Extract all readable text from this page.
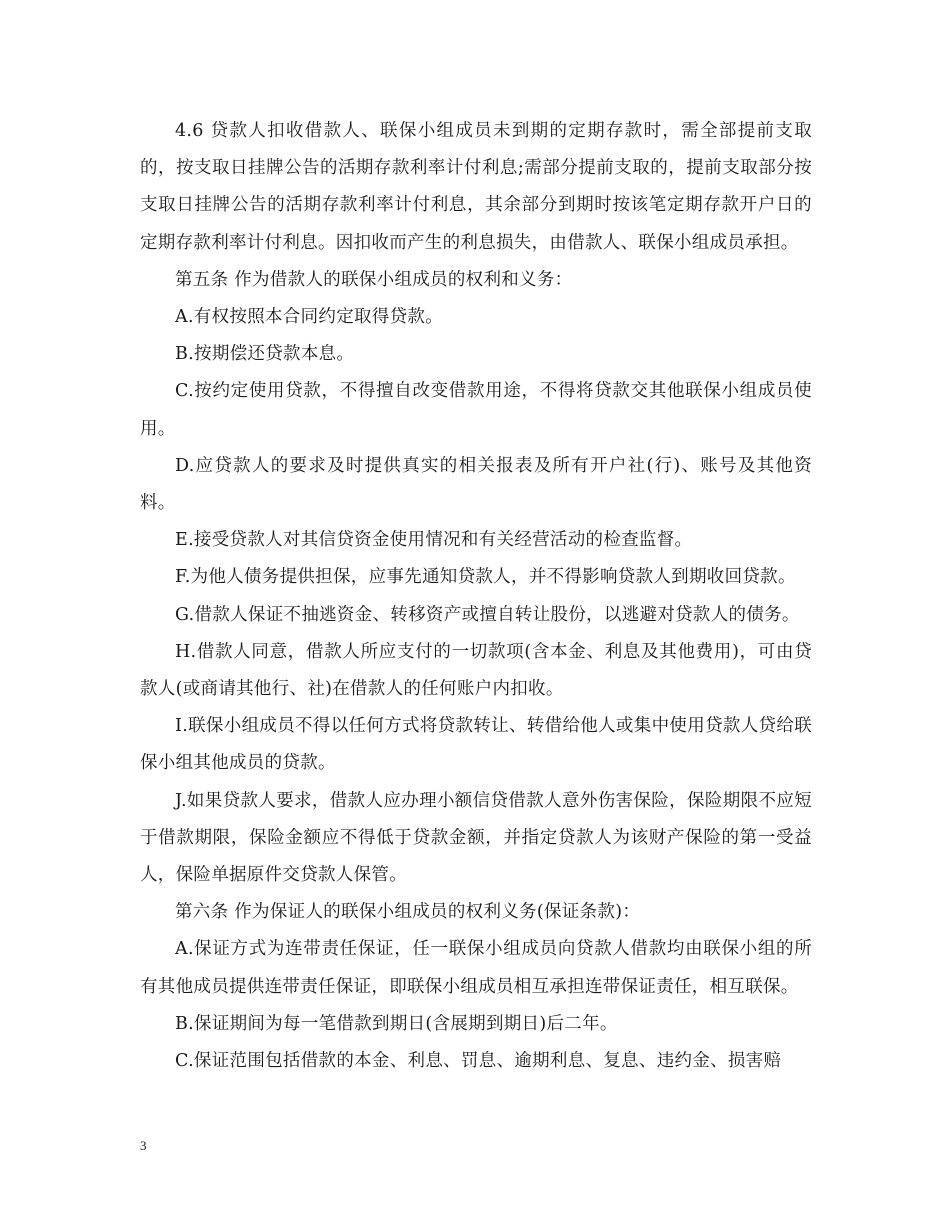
4.6 贷款人扣收借款人、联保小组成员未到期的定期存款时，需全部提前支取的，按支取日挂牌公告的活期存款利率计付利息;需部分提前支取的，提前支取部分按支取日挂牌公告的活期存款利率计付利息，其余部分到期时按该笔定期存款开户日的定期存款利率计付利息。因扣收而产生的利息损失，由借款人、联保小组成员承担。

第五条 作为借款人的联保小组成员的权利和义务：

A.有权按照本合同约定取得贷款。

B.按期偿还贷款本息。

C.按约定使用贷款，不得擅自改变借款用途，不得将贷款交其他联保小组成员使用。

D.应贷款人的要求及时提供真实的相关报表及所有开户社(行)、账号及其他资料。

E.接受贷款人对其信贷资金使用情况和有关经营活动的检查监督。

F.为他人债务提供担保，应事先通知贷款人，并不得影响贷款人到期收回贷款。

G.借款人保证不抽逃资金、转移资产或擅自转让股份，以逃避对贷款人的债务。

H.借款人同意，借款人所应支付的一切款项(含本金、利息及其他费用)，可由贷款人(或商请其他行、社)在借款人的任何账户内扣收。

I.联保小组成员不得以任何方式将贷款转让、转借给他人或集中使用贷款人贷给联保小组其他成员的贷款。

J.如果贷款人要求，借款人应办理小额信贷借款人意外伤害保险，保险期限不应短于借款期限，保险金额应不得低于贷款金额，并指定贷款人为该财产保险的第一受益人，保险单据原件交贷款人保管。

第六条 作为保证人的联保小组成员的权利义务(保证条款)：

A.保证方式为连带责任保证，任一联保小组成员向贷款人借款均由联保小组的所有其他成员提供连带责任保证，即联保小组成员相互承担连带保证责任，相互联保。

B.保证期间为每一笔借款到期日(含展期到期日)后二年。

C.保证范围包括借款的本金、利息、罚息、逾期利息、复息、违约金、损害赔

3
